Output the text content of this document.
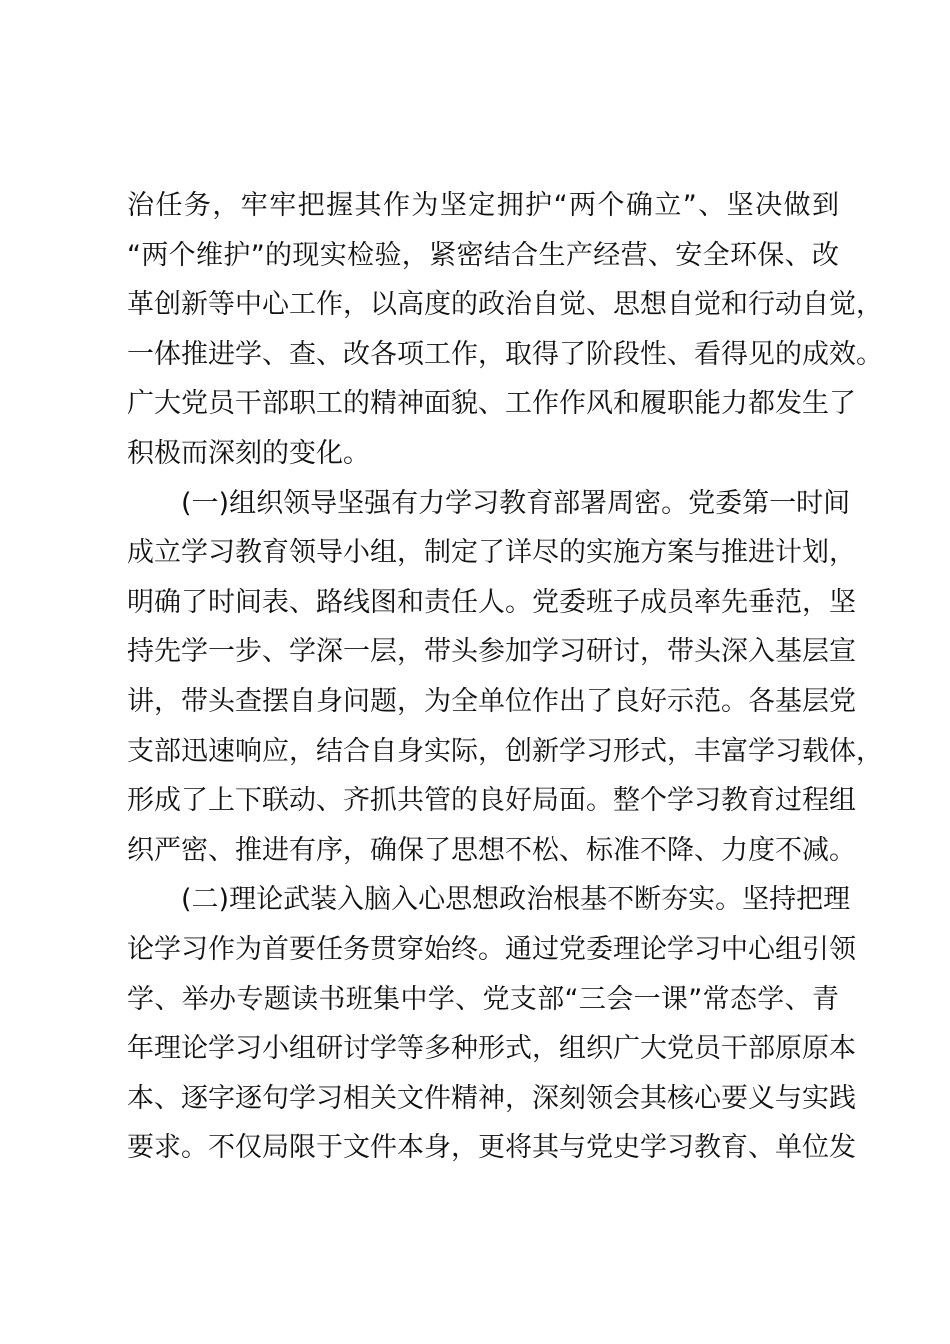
治任务，牢牢把握其作为坚定拥护“两个确立”、坚决做到
“两个维护”的现实检验，紧密结合生产经营、安全环保、改
革创新等中心工作，以高度的政治自觉、思想自觉和行动自觉，
一体推进学、查、改各项工作，取得了阶段性、看得见的成效。
广大党员干部职工的精神面貌、工作作风和履职能力都发生了
积极而深刻的变化。
(一)组织领导坚强有力学习教育部署周密。党委第一时间
成立学习教育领导小组，制定了详尽的实施方案与推进计划，
明确了时间表、路线图和责任人。党委班子成员率先垂范，坚
持先学一步、学深一层，带头参加学习研讨，带头深入基层宣
讲，带头查摆自身问题，为全单位作出了良好示范。各基层党
支部迅速响应，结合自身实际，创新学习形式，丰富学习载体，
形成了上下联动、齐抓共管的良好局面。整个学习教育过程组
织严密、推进有序，确保了思想不松、标准不降、力度不减。
(二)理论武装入脑入心思想政治根基不断夯实。坚持把理
论学习作为首要任务贯穿始终。通过党委理论学习中心组引领
学、举办专题读书班集中学、党支部“三会一课”常态学、青
年理论学习小组研讨学等多种形式，组织广大党员干部原原本
本、逐字逐句学习相关文件精神，深刻领会其核心要义与实践
要求。不仅局限于文件本身，更将其与党史学习教育、单位发
